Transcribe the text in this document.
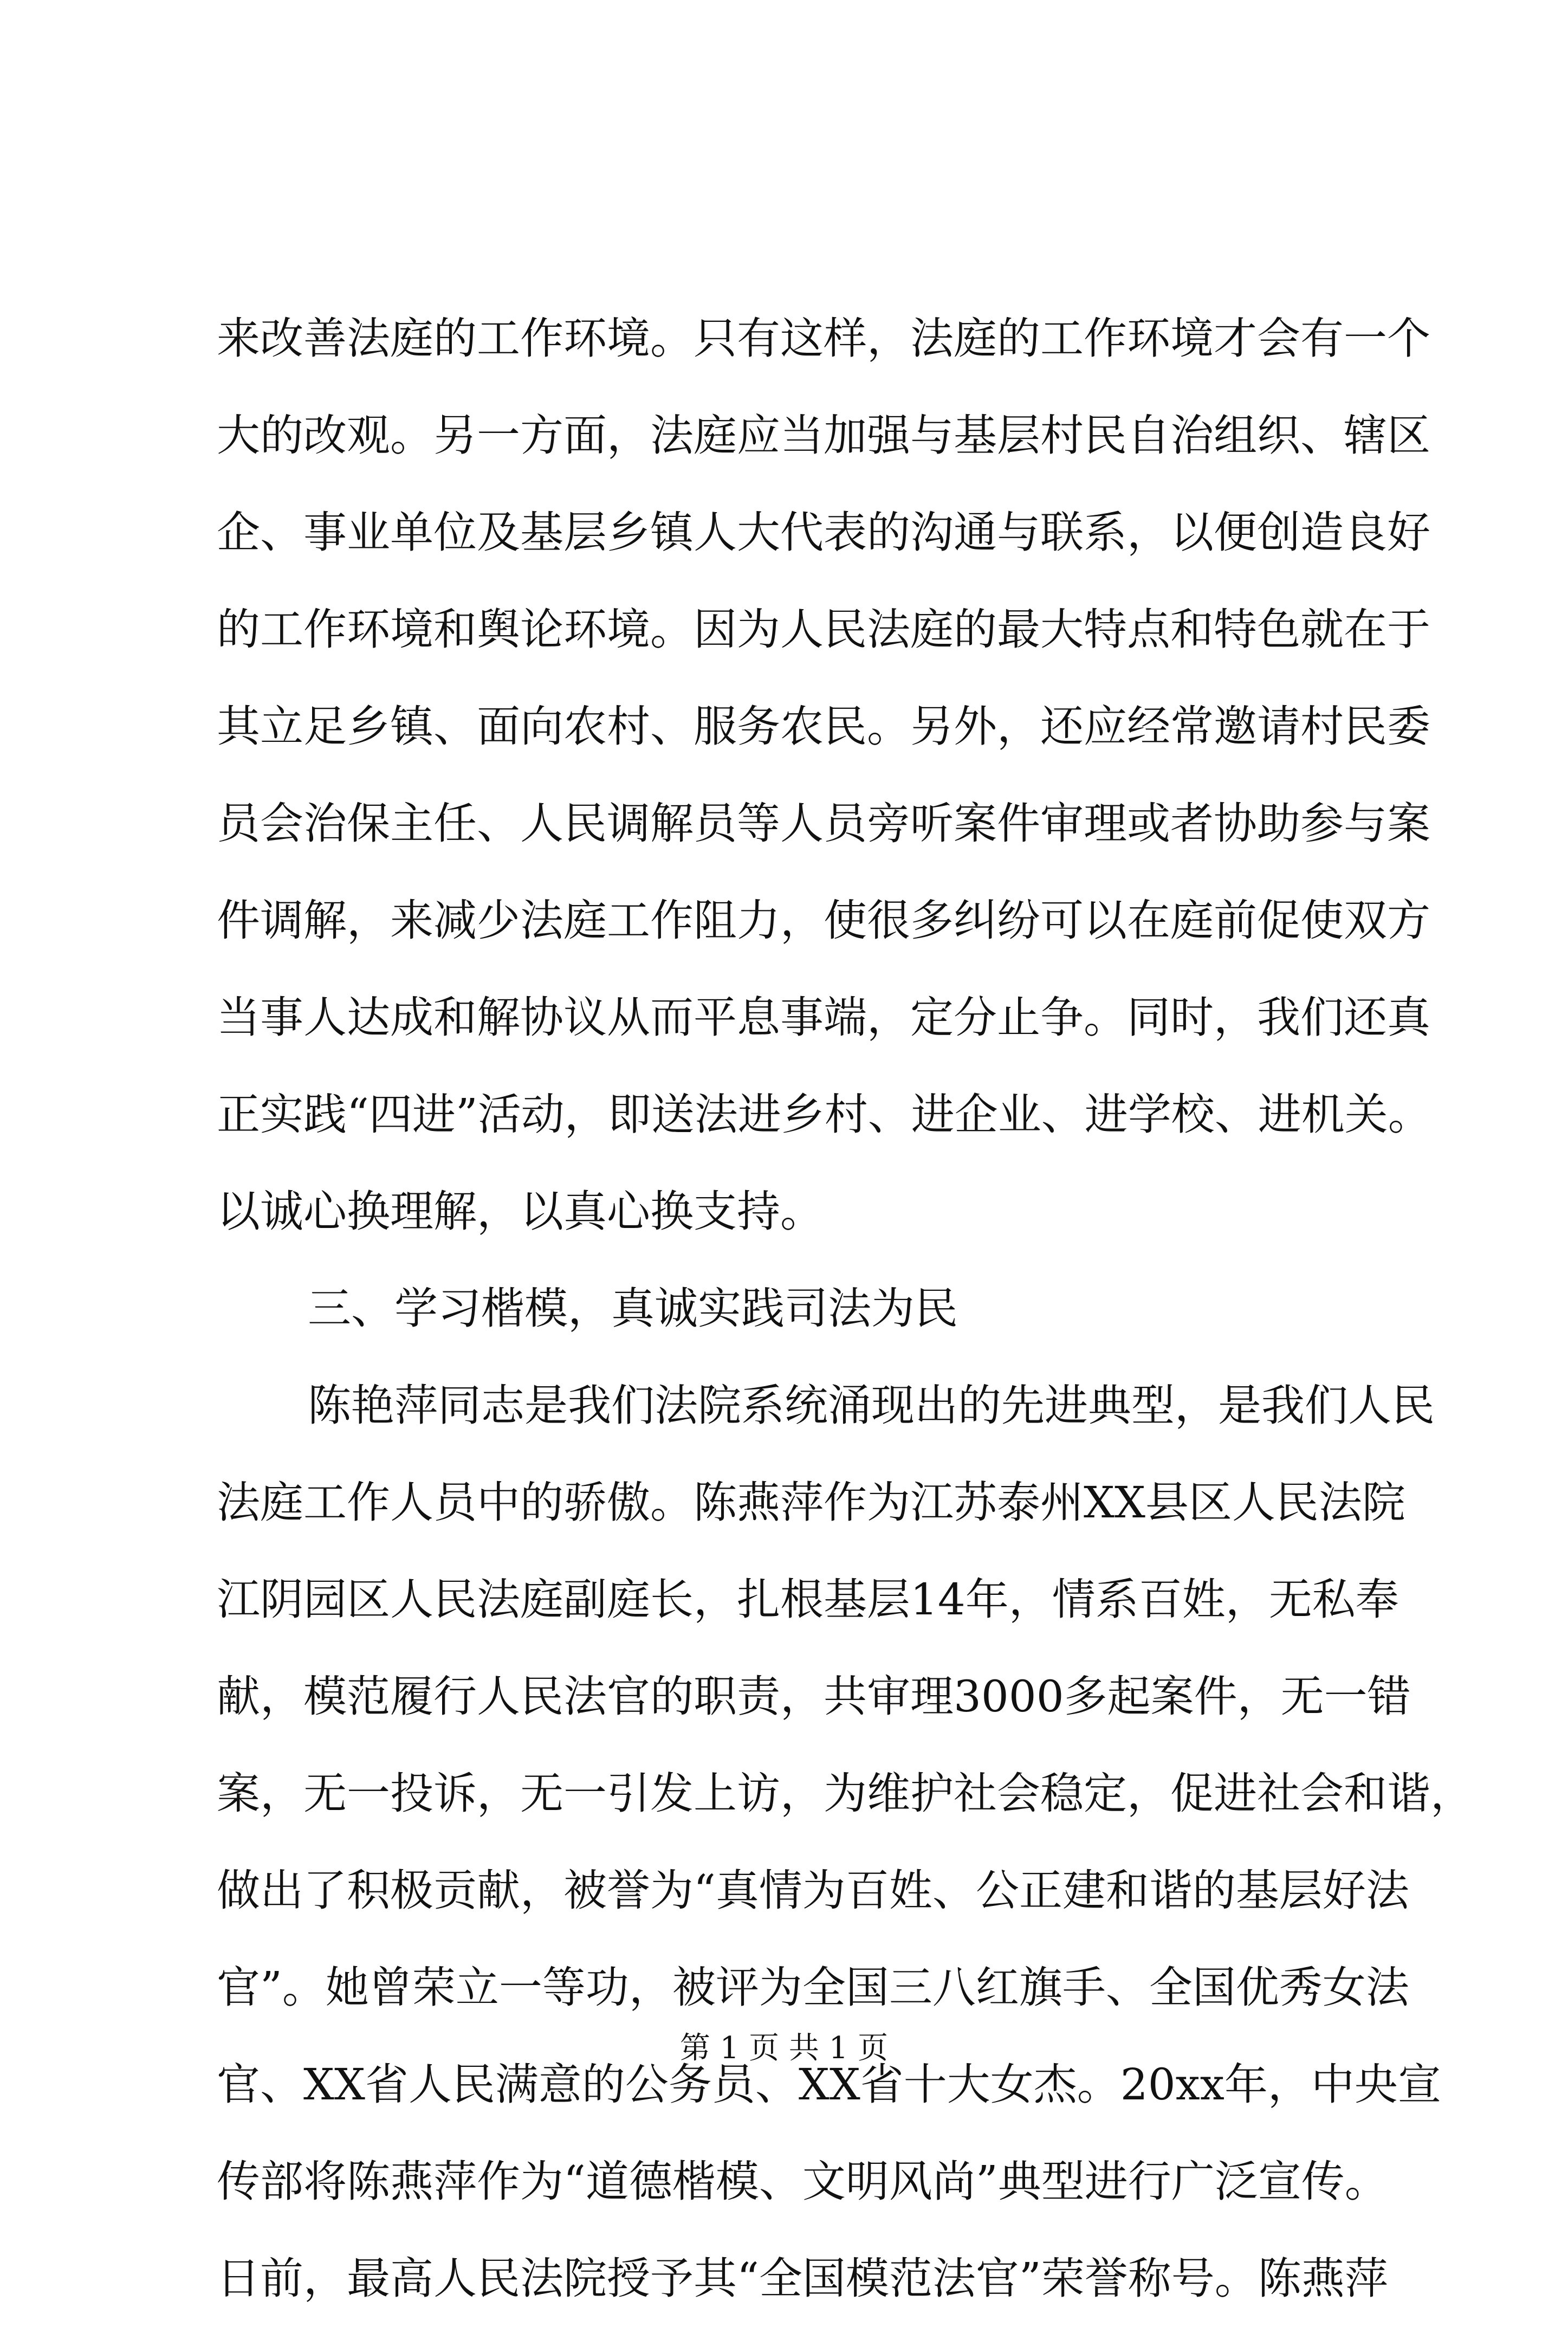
来改善法庭的工作环境。只有这样，法庭的工作环境才会有一个
大的改观。另一方面，法庭应当加强与基层村民自治组织、辖区
企、事业单位及基层乡镇人大代表的沟通与联系，以便创造良好
的工作环境和舆论环境。因为人民法庭的最大特点和特色就在于
其立足乡镇、面向农村、服务农民。另外，还应经常邀请村民委
员会治保主任、人民调解员等人员旁听案件审理或者协助参与案
件调解，来减少法庭工作阻力，使很多纠纷可以在庭前促使双方
当事人达成和解协议从而平息事端，定分止争。同时，我们还真
正实践“四进”活动，即送法进乡村、进企业、进学校、进机关。
以诚心换理解，以真心换支持。
三、学习楷模，真诚实践司法为民
陈艳萍同志是我们法院系统涌现出的先进典型，是我们人民
法庭工作人员中的骄傲。陈燕萍作为江苏泰州XX县区人民法院
江阴园区人民法庭副庭长，扎根基层14年，情系百姓，无私奉
献，模范履行人民法官的职责，共审理3000多起案件，无一错
案，无一投诉，无一引发上访，为维护社会稳定，促进社会和谐，
做出了积极贡献，被誉为“真情为百姓、公正建和谐的基层好法
官”。她曾荣立一等功，被评为全国三八红旗手、全国优秀女法
官、XX省人民满意的公务员、XX省十大女杰。20xx年，中央宣
传部将陈燕萍作为“道德楷模、文明风尚”典型进行广泛宣传。
日前，最高人民法院授予其“全国模范法官”荣誉称号。陈燕萍
第 1 页 共 1 页
